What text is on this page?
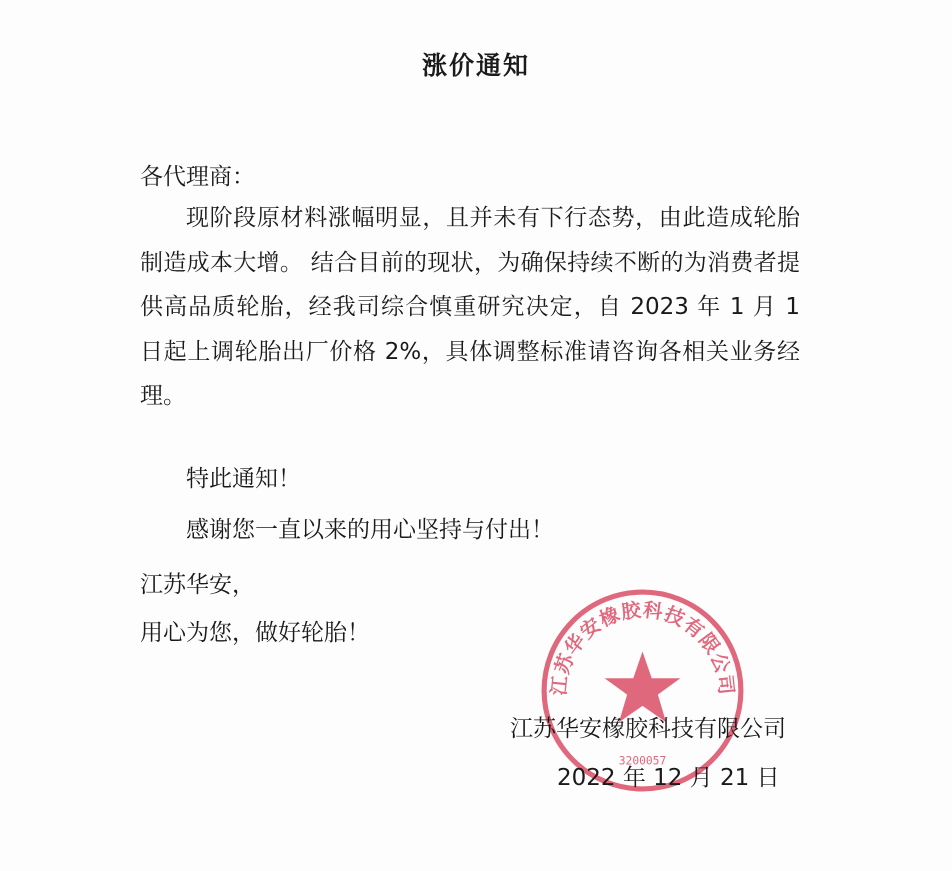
涨价通知

各代理商：

现阶段原材料涨幅明显，且并未有下行态势，由此造成轮胎制造成本大增。 结合目前的现状，为确保持续不断的为消费者提供高品质轮胎，经我司综合慎重研究决定，自 2023 年 1 月 1 日起上调轮胎出厂价格 2%，具体调整标准请咨询各相关业务经理。

特此通知！

感谢您一直以来的用心坚持与付出！

江苏华安，

用心为您，做好轮胎！

江苏华安橡胶科技有限公司
3200057

江苏华安橡胶科技有限公司

2022 年 12 月 21 日
